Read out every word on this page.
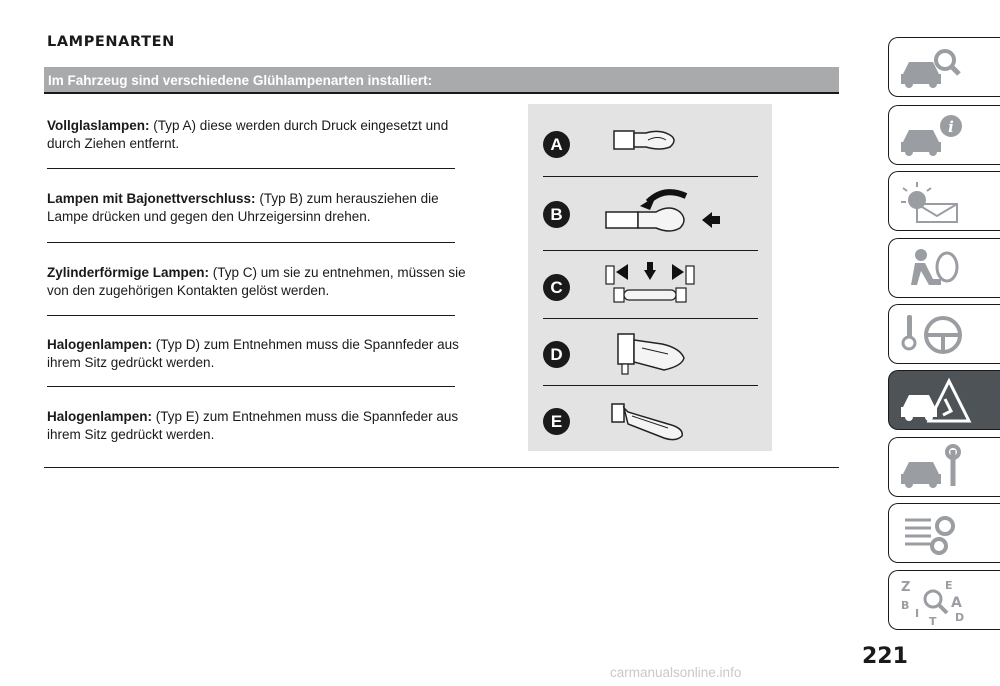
LAMPENARTEN
Im Fahrzeug sind verschiedene Glühlampenarten installiert:
Vollglaslampen: (Typ A) diese werden durch Druck eingesetzt und durch Ziehen entfernt.
Lampen mit Bajonettverschluss: (Typ B) zum herausziehen die Lampe drücken und gegen den Uhrzeigersinn drehen.
Zylinderförmige Lampen: (Typ C) um sie zu entnehmen, müssen sie von den zugehörigen Kontakten gelöst werden.
Halogenlampen: (Typ D) zum Entnehmen muss die Spannfeder aus ihrem Sitz gedrückt werden.
Halogenlampen: (Typ E) zum Entnehmen muss die Spannfeder aus ihrem Sitz gedrückt werden.
A
B
C
D
E
i
Z	E
B	A
I	D
T
221
carmanualsonline.info
